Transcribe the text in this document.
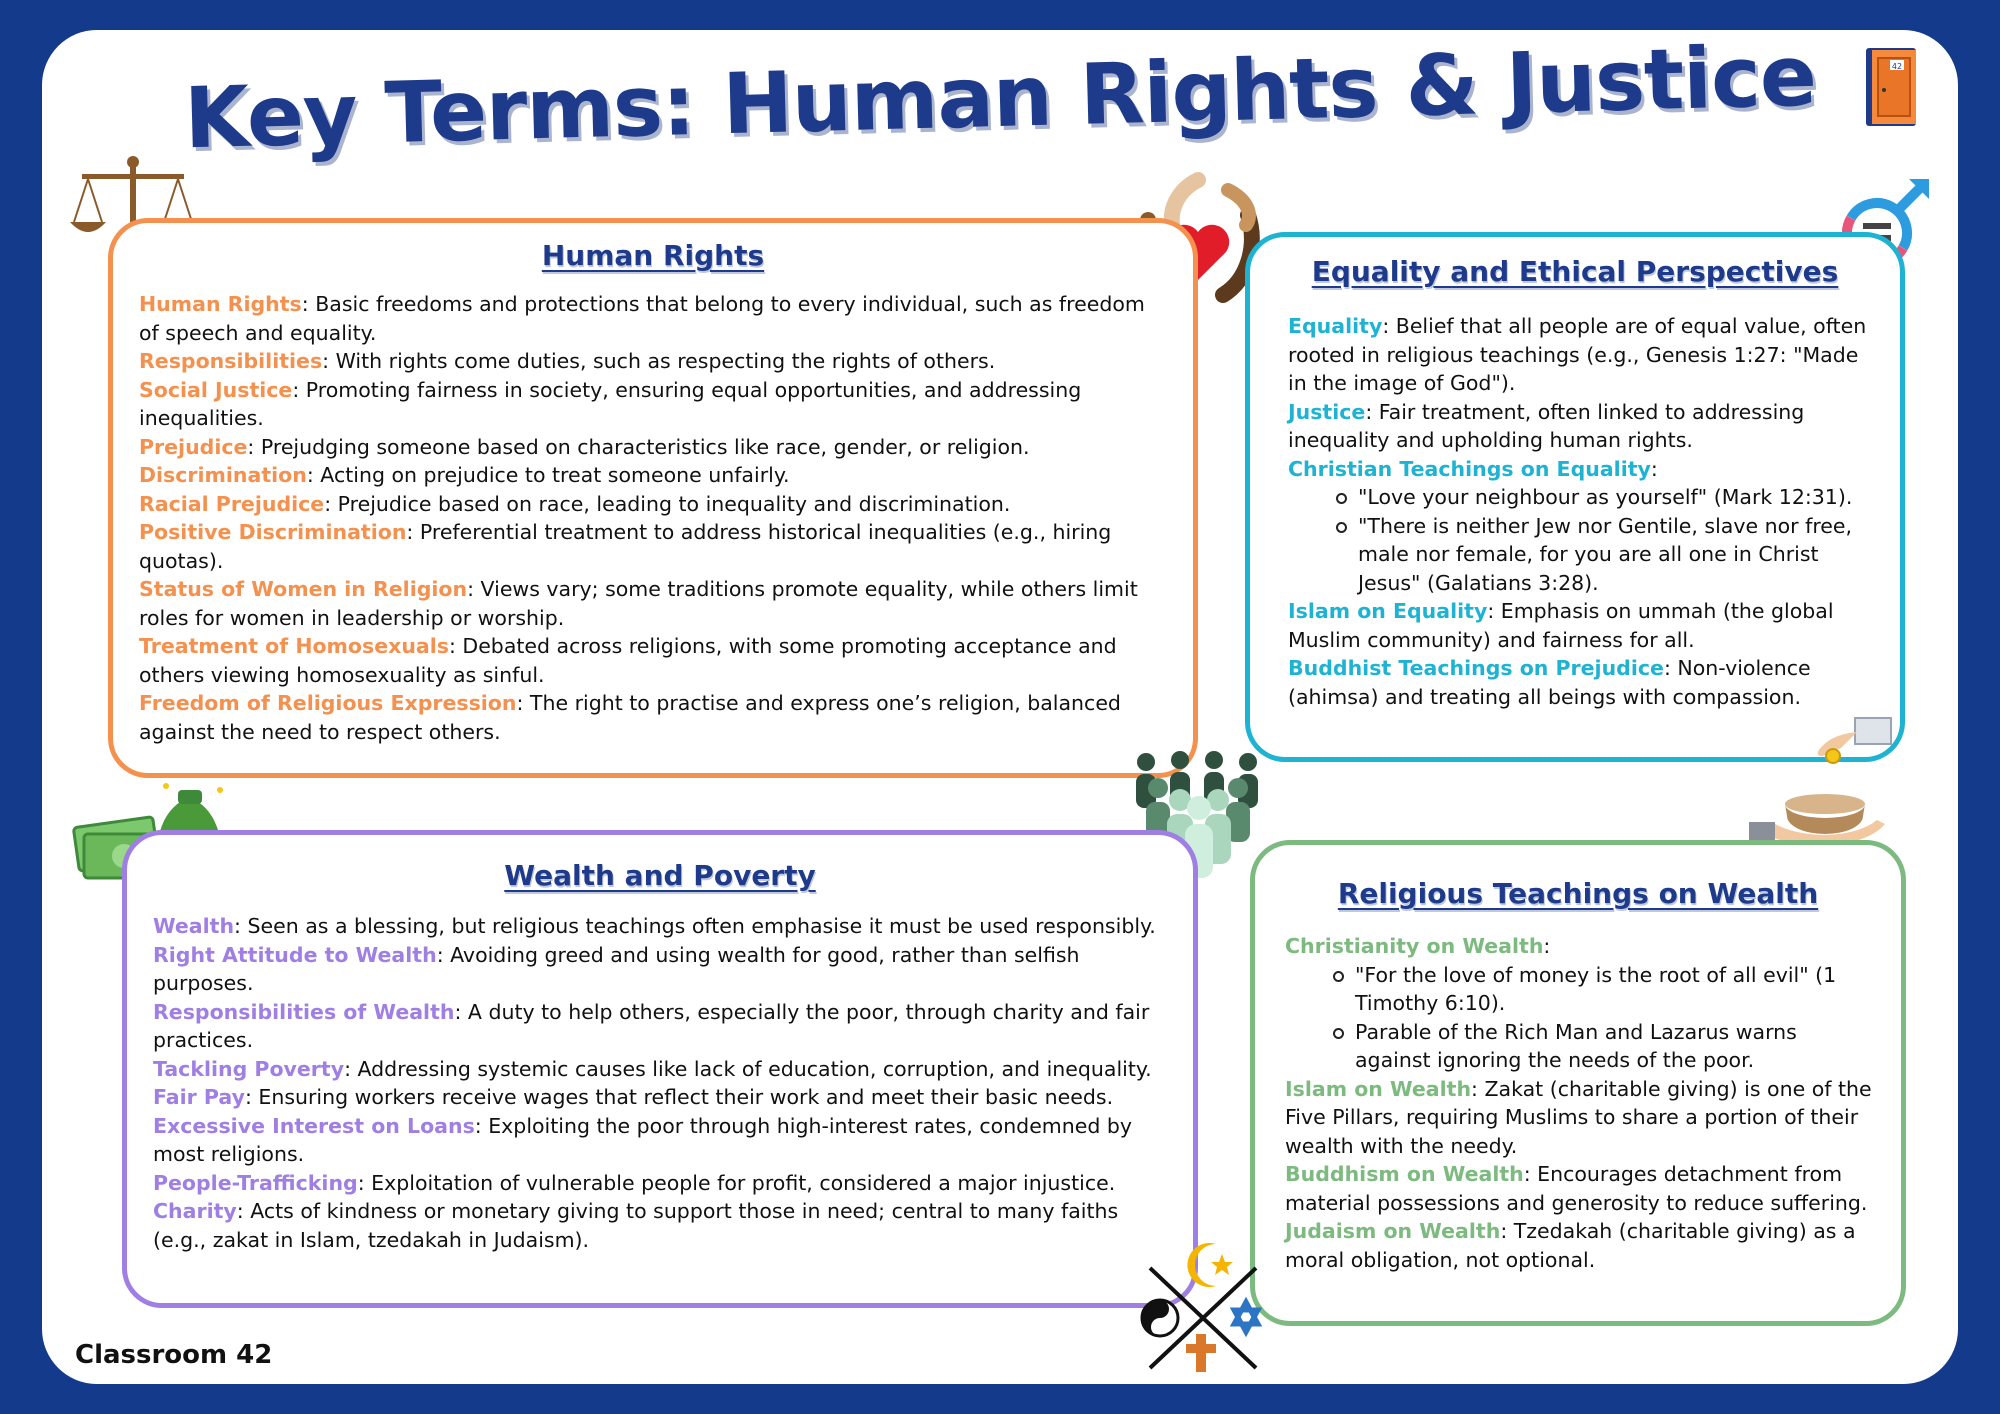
Key Terms: Human Rights & Justice	42
Human Rights

Human Rights: Basic freedoms and protections that belong to every individual, such as freedom of speech and equality.

Responsibilities: With rights come duties, such as respecting the rights of others.

Social Justice: Promoting fairness in society, ensuring equal opportunities, and addressing inequalities.

Prejudice: Prejudging someone based on characteristics like race, gender, or religion.

Discrimination: Acting on prejudice to treat someone unfairly.

Racial Prejudice: Prejudice based on race, leading to inequality and discrimination.

Positive Discrimination: Preferential treatment to address historical inequalities (e.g., hiring quotas).

Status of Women in Religion: Views vary; some traditions promote equality, while others limit roles for women in leadership or worship.

Treatment of Homosexuals: Debated across religions, with some promoting acceptance and others viewing homosexuality as sinful.

Freedom of Religious Expression: The right to practise and express one’s religion, balanced against the need to respect others.

Equality and Ethical Perspectives

Equality: Belief that all people are of equal value, often rooted in religious teachings (e.g., Genesis 1:27: "Made in the image of God").

Justice: Fair treatment, often linked to addressing inequality and upholding human rights.

Christian Teachings on Equality:

"Love your neighbour as yourself" (Mark 12:31).
"There is neither Jew nor Gentile, slave nor free, male nor female, for you are all one in Christ Jesus" (Galatians 3:28).

Islam on Equality: Emphasis on ummah (the global Muslim community) and fairness for all.

Buddhist Teachings on Prejudice: Non-violence (ahimsa) and treating all beings with compassion.

Wealth and Poverty

Wealth: Seen as a blessing, but religious teachings often emphasise it must be used responsibly.

Right Attitude to Wealth: Avoiding greed and using wealth for good, rather than selfish purposes.

Responsibilities of Wealth: A duty to help others, especially the poor, through charity and fair practices.

Tackling Poverty: Addressing systemic causes like lack of education, corruption, and inequality.

Fair Pay: Ensuring workers receive wages that reflect their work and meet their basic needs.

Excessive Interest on Loans: Exploiting the poor through high-interest rates, condemned by most religions.

People-Trafficking: Exploitation of vulnerable people for profit, considered a major injustice.

Charity: Acts of kindness or monetary giving to support those in need; central to many faiths (e.g., zakat in Islam, tzedakah in Judaism).

Religious Teachings on Wealth

Christianity on Wealth:

"For the love of money is the root of all evil" (1 Timothy 6:10).
Parable of the Rich Man and Lazarus warns against ignoring the needs of the poor.

Islam on Wealth: Zakat (charitable giving) is one of the Five Pillars, requiring Muslims to share a portion of their wealth with the needy.

Buddhism on Wealth: Encourages detachment from material possessions and generosity to reduce suffering.

Judaism on Wealth: Tzedakah (charitable giving) as a moral obligation, not optional.

Classroom 42
